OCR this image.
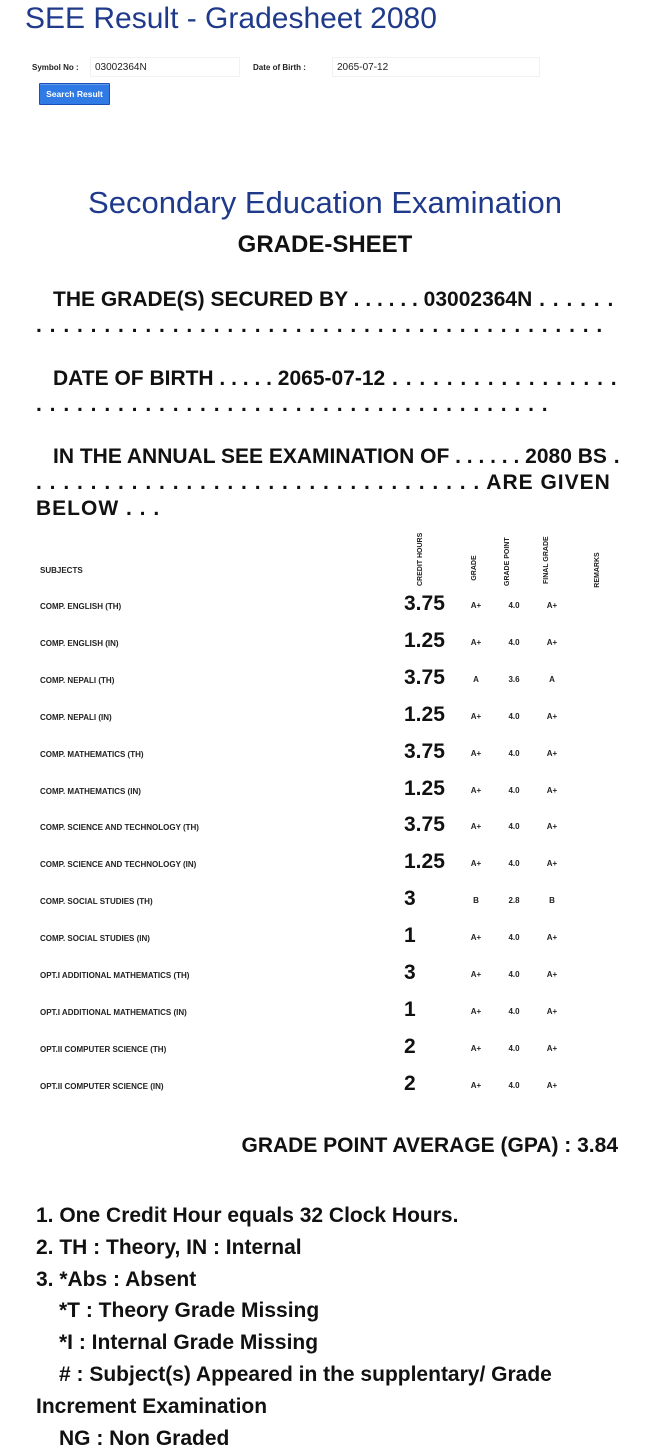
SEE Result - Gradesheet 2080
Symbol No :	03002364N	Date of Birth :	2065-07-12
Search Result
Secondary Education Examination
GRADE-SHEET
THE GRADE(S) SECURED BY . . . . . . 03002364N . . . . . . . . . . . . . . . . . . . . . . . . . . . . . . . . . . . . . . . . . . . . . . . .
DATE OF BIRTH . . . . . 2065-07-12 . . . . . . . . . . . . . . . . . . . . . . . . . . . . . . . . . . . . . . . . . . . . . . . . . . . . . . .
IN THE ANNUAL SEE EXAMINATION OF . . . . . . 2080 BS . . . . . . . . . . . . . . . . . . . . . . . . . . . . . . . . . . ARE GIVEN BELOW . . .
SUBJECTS	CREDIT HOURS	GRADE	GRADE POINT	FINAL GRADE	REMARKS
COMP. ENGLISH (TH)	3.75	A+	4.0	A+
COMP. ENGLISH (IN)	1.25	A+	4.0	A+
COMP. NEPALI (TH)	3.75	A	3.6	A
COMP. NEPALI (IN)	1.25	A+	4.0	A+
COMP. MATHEMATICS (TH)	3.75	A+	4.0	A+
COMP. MATHEMATICS (IN)	1.25	A+	4.0	A+
COMP. SCIENCE AND TECHNOLOGY (TH)	3.75	A+	4.0	A+
COMP. SCIENCE AND TECHNOLOGY (IN)	1.25	A+	4.0	A+
COMP. SOCIAL STUDIES (TH)	3	B	2.8	B
COMP. SOCIAL STUDIES (IN)	1	A+	4.0	A+
OPT.I ADDITIONAL MATHEMATICS (TH)	3	A+	4.0	A+
OPT.I ADDITIONAL MATHEMATICS (IN)	1	A+	4.0	A+
OPT.II COMPUTER SCIENCE (TH)	2	A+	4.0	A+
OPT.II COMPUTER SCIENCE (IN)	2	A+	4.0	A+
GRADE POINT AVERAGE (GPA) : 3.84
1. One Credit Hour equals 32 Clock Hours.
2. TH : Theory, IN : Internal
3. *Abs : Absent
*T : Theory Grade Missing
*I : Internal Grade Missing
# : Subject(s) Appeared in the supplentary/ Grade
Increment Examination
NG : Non Graded
